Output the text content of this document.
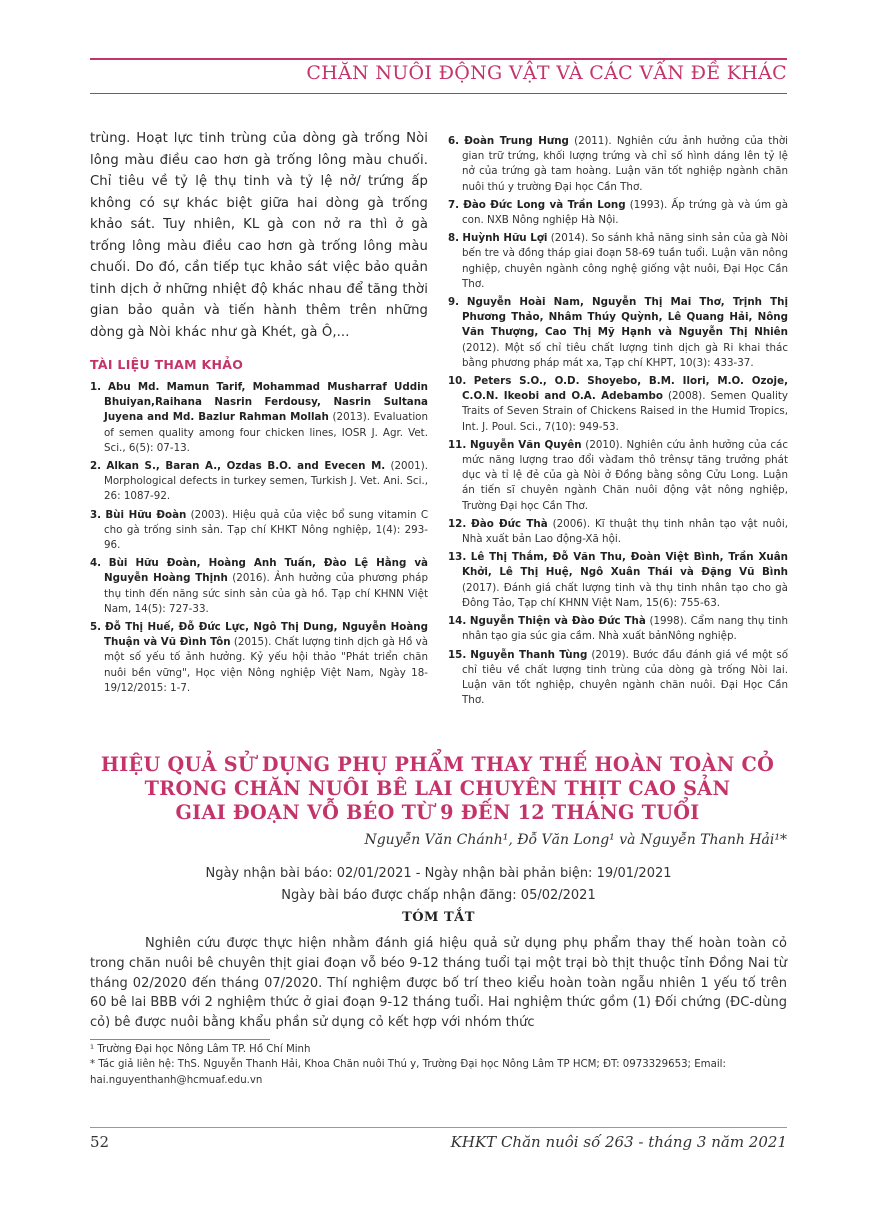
CHĂN NUÔI ĐỘNG VẬT VÀ CÁC VẤN ĐỀ KHÁC

trùng. Hoạt lực tinh trùng của dòng gà trống Nòi lông màu điều cao hơn gà trống lông màu chuối. Chỉ tiêu về tỷ lệ thụ tinh và tỷ lệ nở/ trứng ấp không có sự khác biệt giữa hai dòng gà trống khảo sát. Tuy nhiên, KL gà con nở ra thì ở gà trống lông màu điều cao hơn gà trống lông màu chuối. Do đó, cần tiếp tục khảo sát việc bảo quản tinh dịch ở những nhiệt độ khác nhau để tăng thời gian bảo quản và tiến hành thêm trên những dòng gà Nòi khác như gà Khét, gà Ô,...

TÀI LIỆU THAM KHẢO
1. Abu Md. Mamun Tarif, Mohammad Musharraf Uddin Bhuiyan,Raihana Nasrin Ferdousy, Nasrin Sultana Juyena and Md. Bazlur Rahman Mollah (2013). Evaluation of semen quality among four chicken lines, IOSR J. Agr. Vet. Sci., 6(5): 07-13.
2. Alkan S., Baran A., Ozdas B.O. and Evecen M. (2001). Morphological defects in turkey semen, Turkish J. Vet. Ani. Sci., 26: 1087-92.
3. Bùi Hữu Đoàn (2003). Hiệu quả của việc bổ sung vitamin C cho gà trống sinh sản. Tạp chí KHKT Nông nghiệp, 1(4): 293-96.
4. Bùi Hữu Đoàn, Hoàng Anh Tuấn, Đào Lệ Hằng và Nguyễn Hoàng Thịnh (2016). Ảnh hưởng của phương pháp thụ tinh đến năng sức sinh sản của gà hồ. Tạp chí KHNN Việt Nam, 14(5): 727-33.
5. Đỗ Thị Huế, Đỗ Đức Lực, Ngô Thị Dung, Nguyễn Hoàng Thuận và Vũ Đình Tôn (2015). Chất lượng tinh dịch gà Hồ và một số yếu tố ảnh hưởng. Kỷ yếu hội thảo "Phát triển chăn nuôi bền vững", Học viện Nông nghiệp Việt Nam, Ngày 18-19/12/2015: 1-7.
6. Đoàn Trung Hưng (2011). Nghiên cứu ảnh hưởng của thời gian trữ trứng, khối lượng trứng và chỉ số hình dáng lên tỷ lệ nở của trứng gà tam hoàng. Luận văn tốt nghiệp ngành chăn nuôi thú y trường Đại học Cần Thơ.
7. Đào Đức Long và Trần Long (1993). Ấp trứng gà và úm gà con. NXB Nông nghiệp Hà Nội.
8. Huỳnh Hữu Lợi (2014). So sánh khả năng sinh sản của gà Nòi bến tre và đồng tháp giai đoạn 58-69 tuần tuổi. Luận văn nông nghiệp, chuyên ngành công nghệ giống vật nuôi, Đại Học Cần Thơ.
9. Nguyễn Hoài Nam, Nguyễn Thị Mai Thơ, Trịnh Thị Phương Thảo, Nhâm Thúy Quỳnh, Lê Quang Hải, Nông Văn Thượng, Cao Thị Mỹ Hạnh và Nguyễn Thị Nhiên (2012). Một số chỉ tiêu chất lượng tinh dịch gà Ri khai thác bằng phương pháp mát xa, Tạp chí KHPT, 10(3): 433-37.
10. Peters S.O., O.D. Shoyebo, B.M. Ilori, M.O. Ozoje, C.O.N. Ikeobi and O.A. Adebambo (2008). Semen Quality Traits of Seven Strain of Chickens Raised in the Humid Tropics, Int. J. Poul. Sci., 7(10): 949-53.
11. Nguyễn Văn Quyên (2010). Nghiên cứu ảnh hưởng của các mức năng lượng trao đổi vàđam thô trênsự tăng trưởng phát dục và tỉ lệ đẻ của gà Nòi ở Đồng bằng sông Cửu Long. Luận án tiến sĩ chuyên ngành Chăn nuôi động vật nông nghiệp, Trường Đại học Cần Thơ.
12. Đào Đức Thà (2006). Kĩ thuật thụ tinh nhân tạo vật nuôi, Nhà xuất bản Lao động-Xã hội.
13. Lê Thị Thắm, Đỗ Văn Thu, Đoàn Việt Bình, Trần Xuân Khởi, Lê Thị Huệ, Ngô Xuân Thái và Đặng Vũ Bình (2017). Đánh giá chất lượng tinh và thụ tinh nhân tạo cho gà Đông Tảo, Tạp chí KHNN Việt Nam, 15(6): 755-63.
14. Nguyễn Thiện và Đào Đức Thà (1998). Cẩm nang thụ tinh nhân tạo gia súc gia cầm. Nhà xuất bảnNông nghiệp.
15. Nguyễn Thanh Tùng (2019). Bước đầu đánh giá về một số chỉ tiêu về chất lượng tinh trùng của dòng gà trống Nòi lai. Luận văn tốt nghiệp, chuyên ngành chăn nuôi. Đại Học Cần Thơ.
HIỆU QUẢ SỬ DỤNG PHỤ PHẨM THAY THẾ HOÀN TOÀN CỎ
TRONG CHĂN NUÔI BÊ LAI CHUYÊN THỊT CAO SẢN
GIAI ĐOẠN VỖ BÉO TỪ 9 ĐẾN 12 THÁNG TUỔI
Nguyễn Văn Chánh¹, Đỗ Văn Long¹ và Nguyễn Thanh Hải¹*
Ngày nhận bài báo: 02/01/2021 - Ngày nhận bài phản biện: 19/01/2021
Ngày bài báo được chấp nhận đăng: 05/02/2021
TÓM TẮT

Nghiên cứu được thực hiện nhằm đánh giá hiệu quả sử dụng phụ phẩm thay thế hoàn toàn cỏ trong chăn nuôi bê chuyên thịt giai đoạn vỗ béo 9-12 tháng tuổi tại một trại bò thịt thuộc tỉnh Đồng Nai từ tháng 02/2020 đến tháng 07/2020. Thí nghiệm được bố trí theo kiểu hoàn toàn ngẫu nhiên 1 yếu tố trên 60 bê lai BBB với 2 nghiệm thức ở giai đoạn 9-12 tháng tuổi. Hai nghiệm thức gồm (1) Đối chứng (ĐC-dùng cỏ) bê được nuôi bằng khẩu phần sử dụng cỏ kết hợp với nhóm thức

¹ Trường Đại học Nông Lâm TP. Hồ Chí Minh

* Tác giả liên hệ: ThS. Nguyễn Thanh Hải, Khoa Chăn nuôi Thú y, Trường Đại học Nông Lâm TP HCM; ĐT: 0973329653; Email:

hai.nguyenthanh@hcmuaf.edu.vn

52	KHKT Chăn nuôi số 263 - tháng 3 năm 2021
